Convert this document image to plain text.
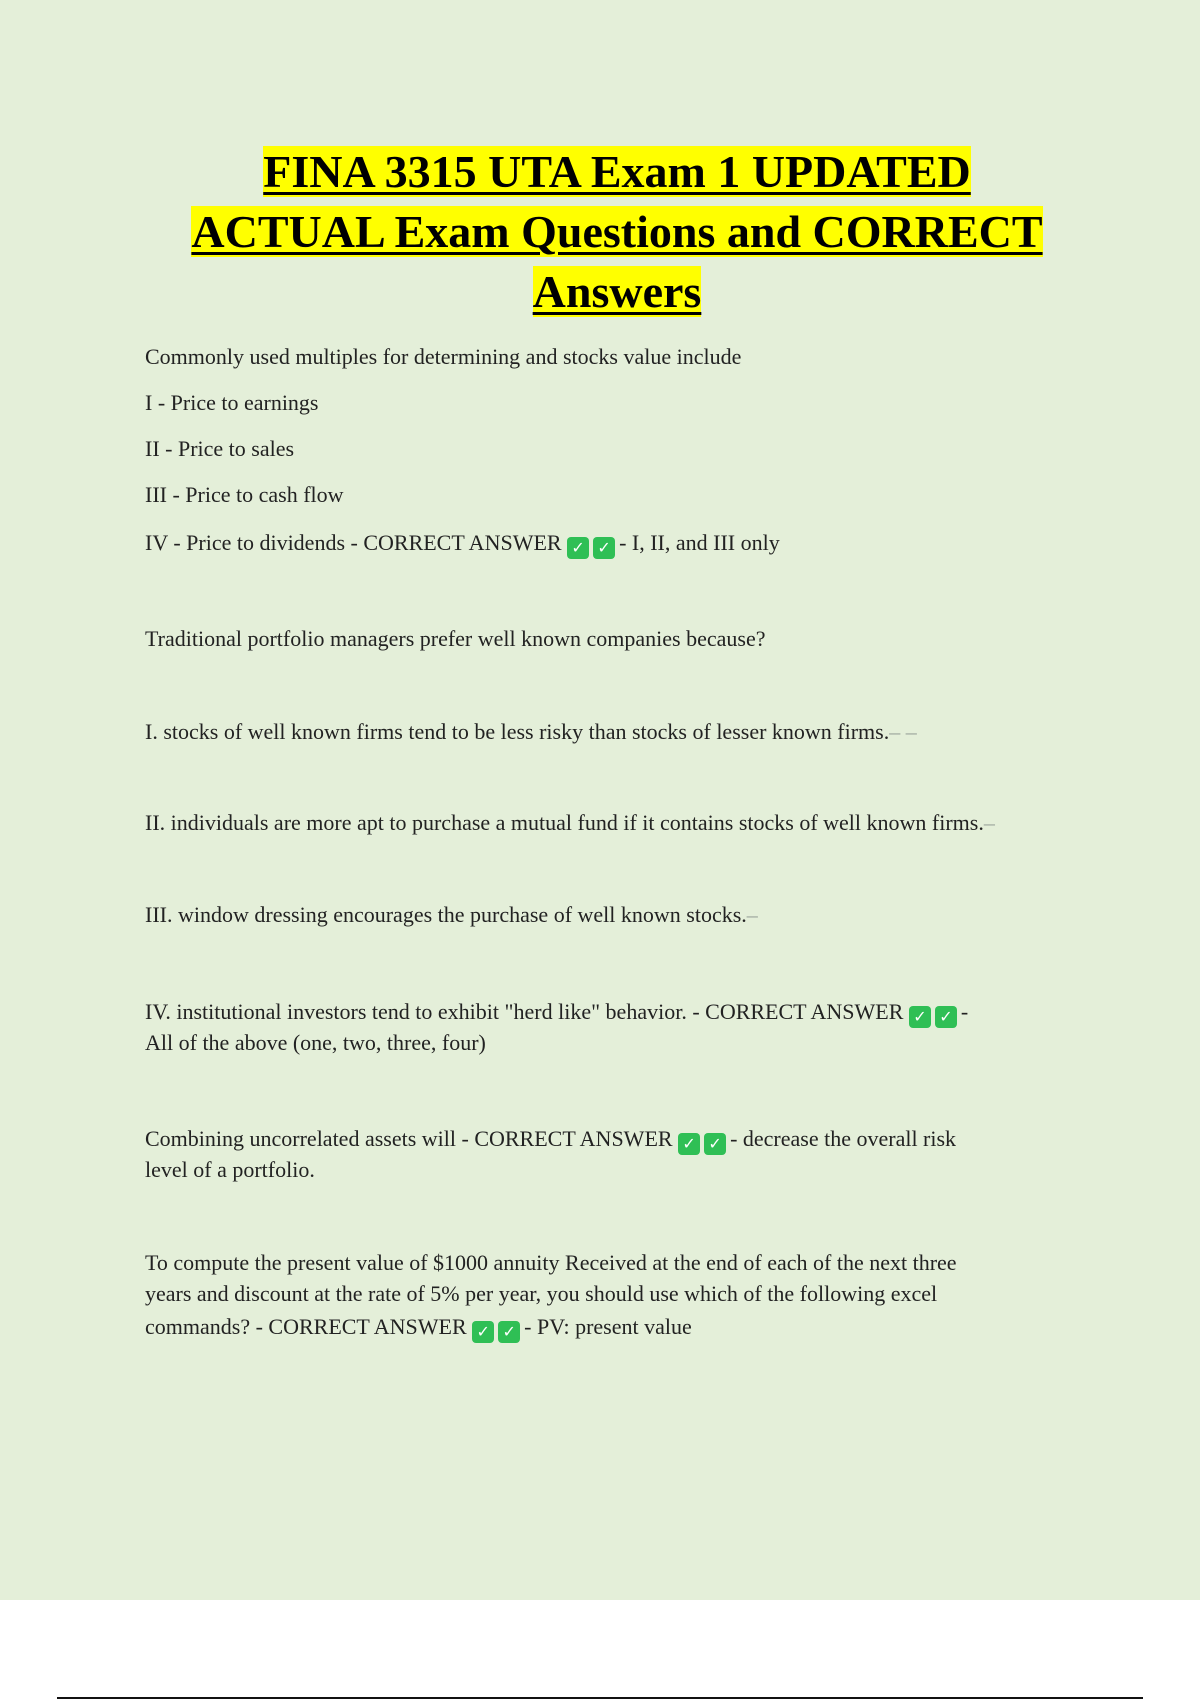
FINA 3315 UTA Exam 1 UPDATED
ACTUAL Exam Questions and CORRECT
Answers
Commonly used multiples for determining and stocks value include
I - Price to earnings
II - Price to sales
III - Price to cash flow
IV - Price to dividends - CORRECT ANSWER ✓ ✓ - I, II, and III only
Traditional portfolio managers prefer well known companies because?
I. stocks of well known firms tend to be less risky than stocks of lesser known firms.– –
II. individuals are more apt to purchase a mutual fund if it contains stocks of well known firms.–
III. window dressing encourages the purchase of well known stocks.–
IV. institutional investors tend to exhibit "herd like" behavior. - CORRECT ANSWER ✓ ✓ -
All of the above (one, two, three, four)
Combining uncorrelated assets will - CORRECT ANSWER ✓ ✓ - decrease the overall risk
level of a portfolio.
To compute the present value of $1000 annuity Received at the end of each of the next three
years and discount at the rate of 5% per year, you should use which of the following excel
commands? - CORRECT ANSWER ✓ ✓ - PV: present value
